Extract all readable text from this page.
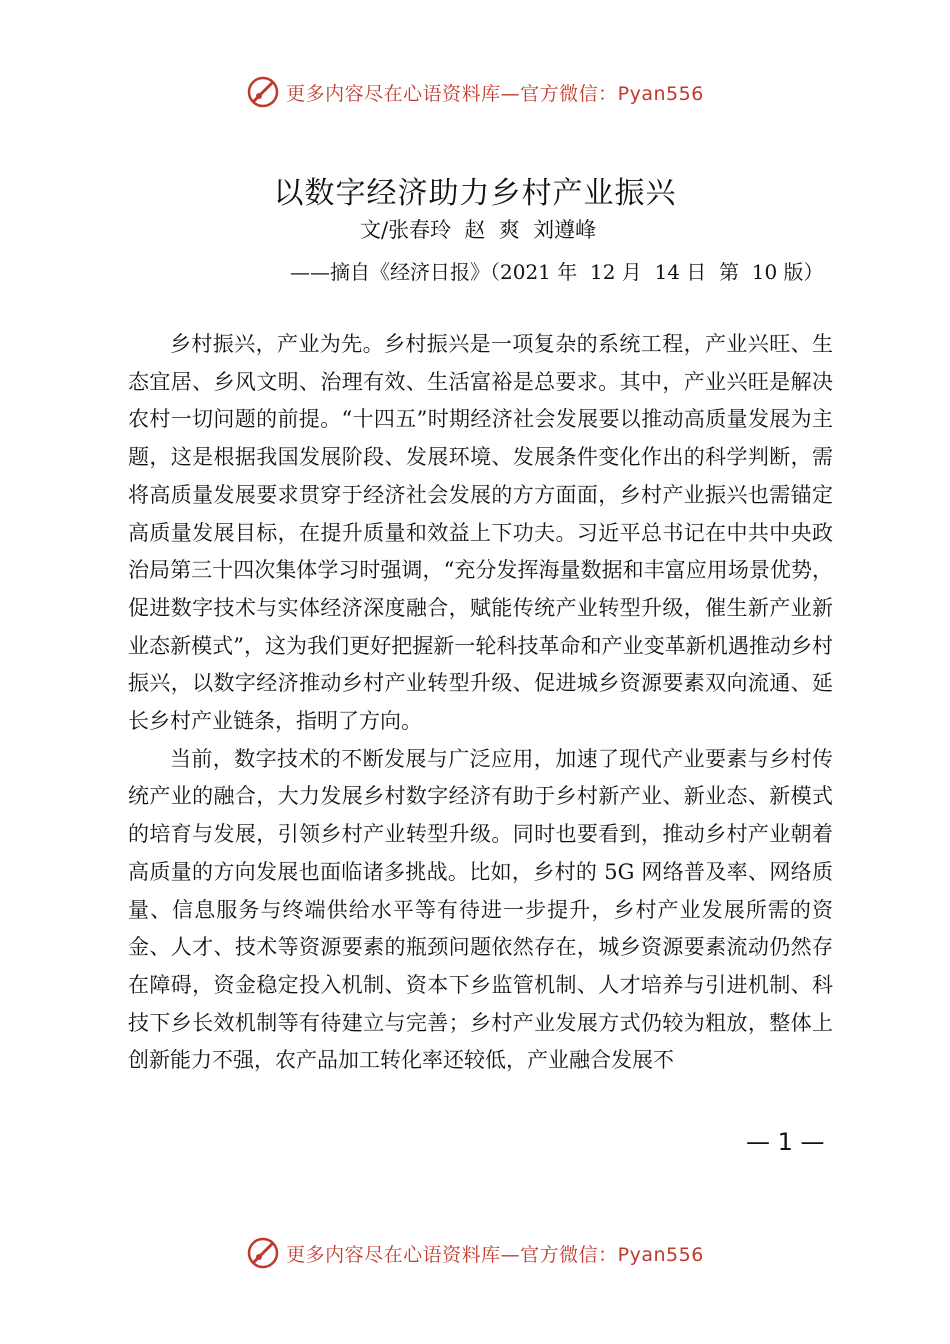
更多内容尽在心语资料库—官方微信：Pyan556
以数字经济助力乡村产业振兴
文/张春玲  赵  爽  刘遵峰
——摘自《经济日报》（2021 年  12 月  14 日  第  10 版）

乡村振兴，产业为先。乡村振兴是一项复杂的系统工程，产业兴旺、生态宜居、乡风文明、治理有效、生活富裕是总要求。其中，产业兴旺是解决农村一切问题的前提。“十四五”时期经济社会发展要以推动高质量发展为主题，这是根据我国发展阶段、发展环境、发展条件变化作出的科学判断，需将高质量发展要求贯穿于经济社会发展的方方面面，乡村产业振兴也需锚定高质量发展目标，在提升质量和效益上下功夫。习近平总书记在中共中央政治局第三十四次集体学习时强调，“充分发挥海量数据和丰富应用场景优势，促进数字技术与实体经济深度融合，赋能传统产业转型升级，催生新产业新业态新模式”，这为我们更好把握新一轮科技革命和产业变革新机遇推动乡村振兴，以数字经济推动乡村产业转型升级、促进城乡资源要素双向流通、延长乡村产业链条，指明了方向。

当前，数字技术的不断发展与广泛应用，加速了现代产业要素与乡村传统产业的融合，大力发展乡村数字经济有助于乡村新产业、新业态、新模式的培育与发展，引领乡村产业转型升级。同时也要看到，推动乡村产业朝着高质量的方向发展也面临诸多挑战。比如，乡村的 5G 网络普及率、网络质量、信息服务与终端供给水平等有待进一步提升，乡村产业发展所需的资金、人才、技术等资源要素的瓶颈问题依然存在，城乡资源要素流动仍然存在障碍，资金稳定投入机制、资本下乡监管机制、人才培养与引进机制、科技下乡长效机制等有待建立与完善；乡村产业发展方式仍较为粗放，整体上创新能力不强，农产品加工转化率还较低，产业融合发展不

— 1 —
更多内容尽在心语资料库—官方微信：Pyan556
